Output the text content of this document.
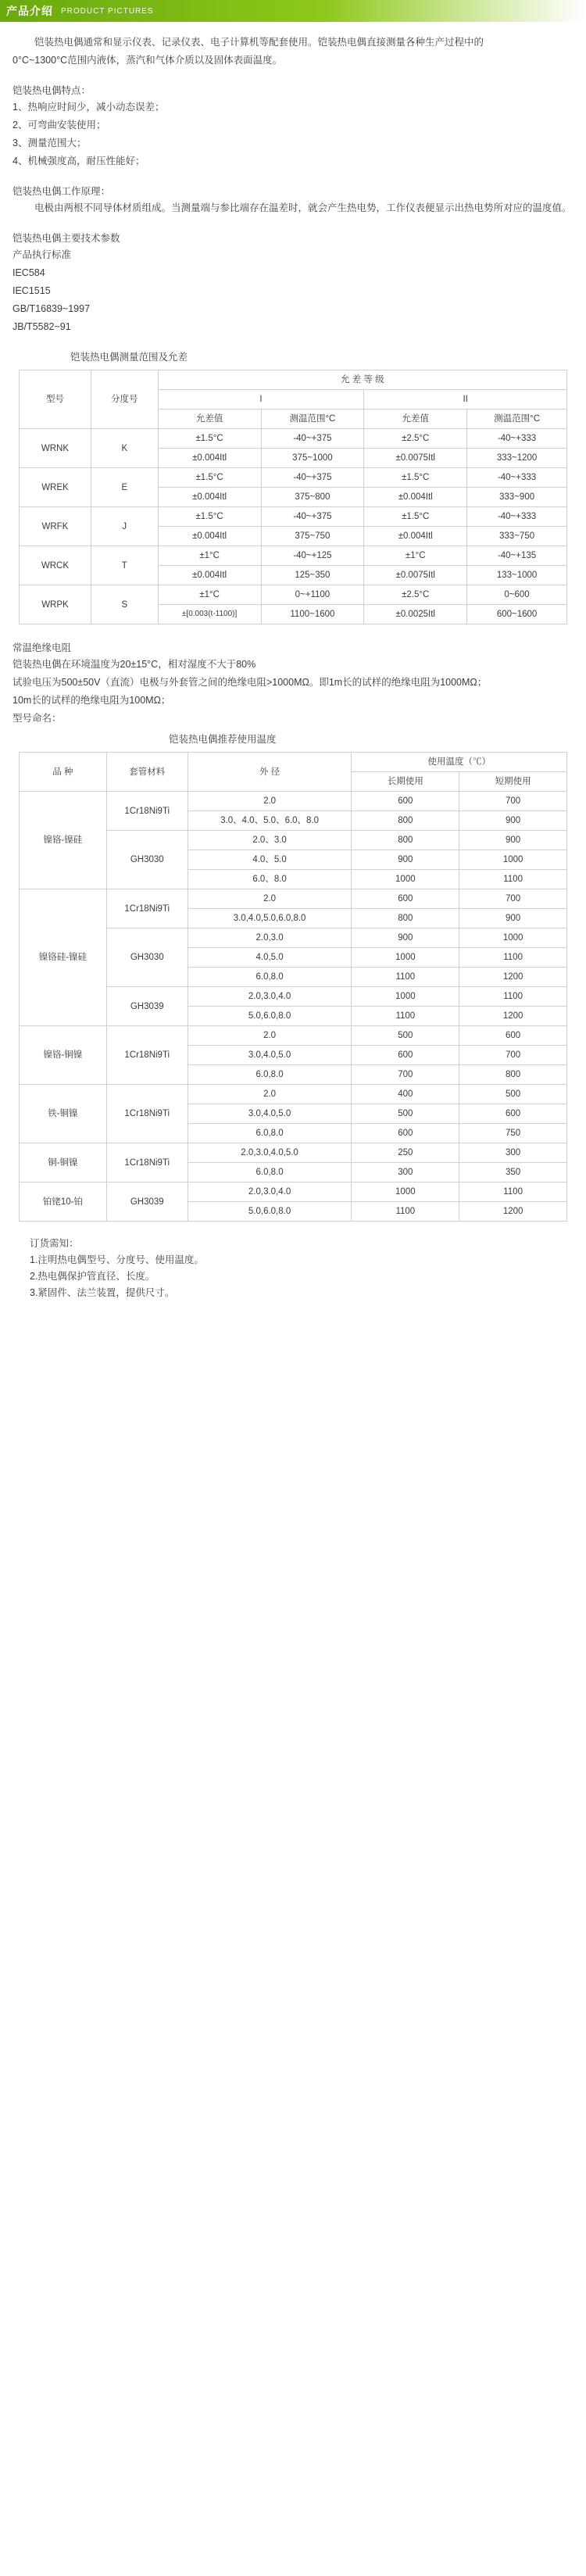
产品介绍 PRODUCT PICTURES

铠装热电偶通常和显示仪表、记录仪表、电子计算机等配套使用。铠装热电偶直接测量各种生产过程中的

0°C~1300°C范围内液体，蒸汽和气体介质以及固体表面温度。

铠装热电偶特点：

1、热响应时间少，减小动态误差；

2、可弯曲安装使用；

3、测量范围大；

4、机械强度高，耐压性能好；

铠装热电偶工作原理：

电极由两根不同导体材质组成。当测量端与参比端存在温差时，就会产生热电势，工作仪表便显示出热电势所对应的温度值。

铠装热电偶主要技术参数

产品执行标准

IEC584

IEC1515

GB/T16839~1997

JB/T5582~91

铠装热电偶测量范围及允差
型号	分度号	允 差 等 级			
		I		II	
		允差值	测温范围°C	允差值	测温范围°C
WRNK	K	±1.5°C	-40~+375	±2.5°C	-40~+333
		±0.004Itl	375~1000	±0.0075Itl	333~1200
WREK	E	±1.5°C	-40~+375	±1.5°C	-40~+333
		±0.004Itl	375~800	±0.004Itl	333~900
WRFK	J	±1.5°C	-40~+375	±1.5°C	-40~+333
		±0.004Itl	375~750	±0.004Itl	333~750
WRCK	T	±1°C	-40~+125	±1°C	-40~+135
		±0.004Itl	125~350	±0.0075Itl	133~1000
WRPK	S	±1°C	0~+1100	±2.5°C	0~600
		±[0.003(t-1100)]	1100~1600	±0.0025Itl	600~1600
常温绝缘电阻

铠装热电偶在环境温度为20±15°C，相对湿度不大于80%

试验电压为500±50V（直流）电极与外套管之间的绝缘电阻>1000MΩ。即1m长的试样的绝缘电阻为1000MΩ；

10m长的试样的绝缘电阻为100MΩ；

型号命名：

铠装热电偶推荐使用温度
品 种	套管材料	外 径	使用温度（℃）	
			长期使用	短期使用
镍铬-镍硅	1Cr18Ni9Ti	2.0	600	700
		3.0、4.0、5.0、6.0、8.0	800	900
	GH3030	2.0、3.0	800	900
		4.0、5.0	900	1000
		6.0、8.0	1000	1100
镍铬硅-镍硅	1Cr18Ni9Ti	2.0	600	700
		3.0,4.0,5.0,6.0,8.0	800	900
	GH3030	2.0,3.0	900	1000
		4.0,5.0	1000	1100
		6.0,8.0	1100	1200
	GH3039	2.0,3.0,4.0	1000	1100
		5.0,6.0,8.0	1100	1200
镍铬-铜镍	1Cr18Ni9Ti	2.0	500	600
		3.0,4.0,5.0	600	700
		6.0,8.0	700	800
铁-铜镍	1Cr18Ni9Ti	2.0	400	500
		3.0,4.0,5.0	500	600
		6.0,8.0	600	750
铜-铜镍	1Cr18Ni9Ti	2.0,3.0,4.0,5.0	250	300
		6.0,8.0	300	350
铂铑10-铂	GH3039	2.0,3.0,4.0	1000	1100
		5.0,6.0,8.0	1100	1200

订货需知：

1.注明热电偶型号、分度号、使用温度。

2.热电偶保护管直径、长度。

3.紧固件、法兰装置，提供尺寸。
